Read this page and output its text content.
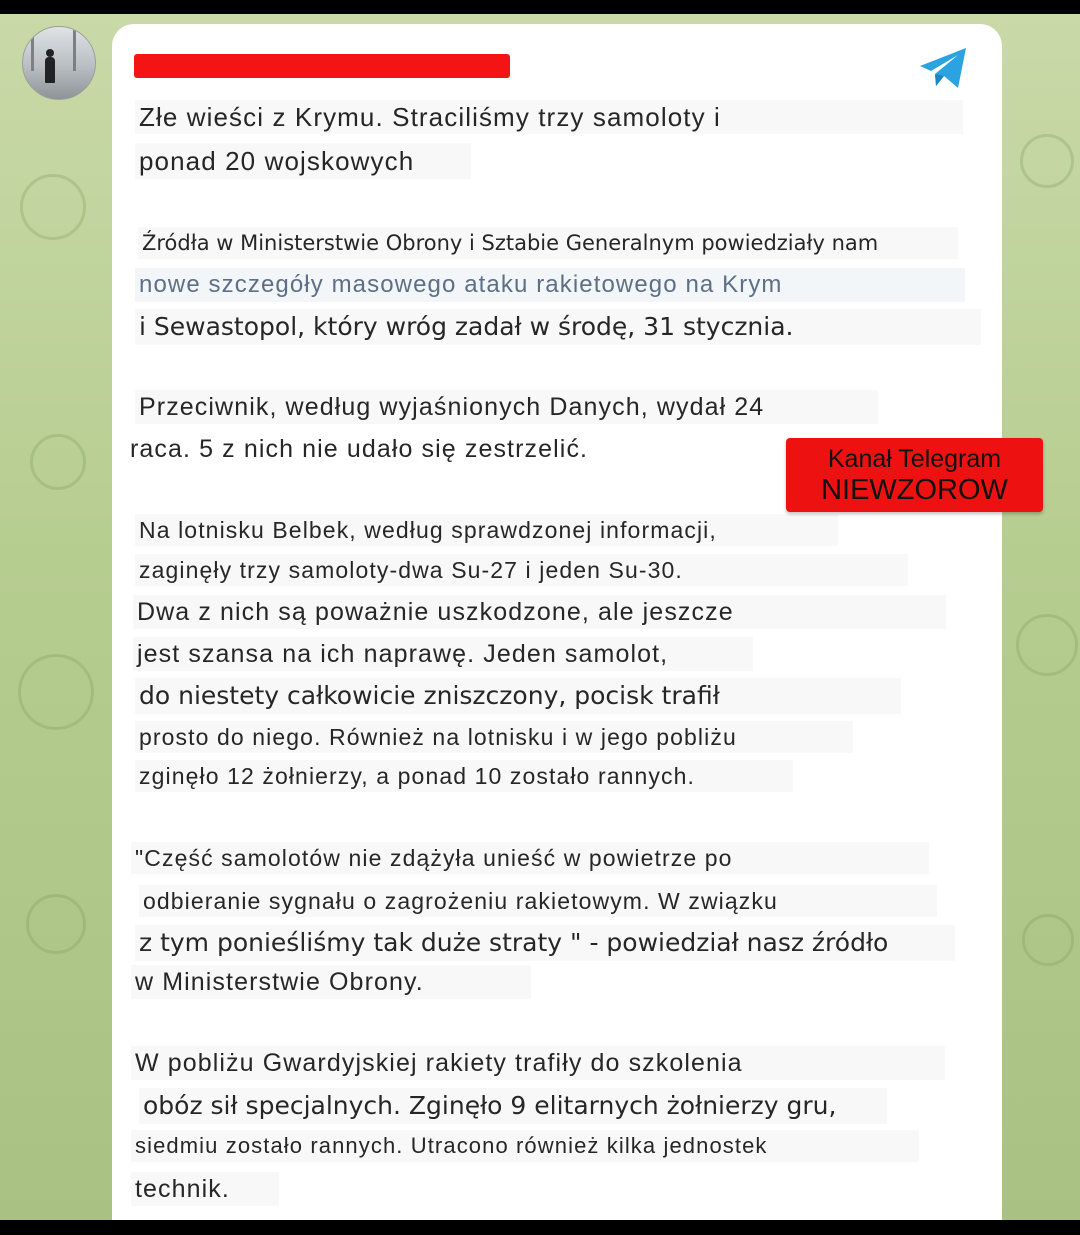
Złe wieści z Krymu. Straciliśmy trzy samoloty i
ponad 20 wojskowych
Źródła w Ministerstwie Obrony i Sztabie Generalnym powiedziały nam
nowe szczegóły masowego ataku rakietowego na Krym
i Sewastopol, który wróg zadał w środę, 31 stycznia.
Przeciwnik, według wyjaśnionych Danych, wydał 24
raca. 5 z nich nie udało się zestrzelić.
Na lotnisku Belbek, według sprawdzonej informacji,
zaginęły trzy samoloty-dwa Su-27 i jeden Su-30.
Dwa z nich są poważnie uszkodzone, ale jeszcze
jest szansa na ich naprawę. Jeden samolot,
do niestety całkowicie zniszczony, pocisk trafił
prosto do niego. Również na lotnisku i w jego pobliżu
zginęło 12 żołnierzy, a ponad 10 zostało rannych.
"Część samolotów nie zdążyła unieść w powietrze po
odbieranie sygnału o zagrożeniu rakietowym. W związku
z tym ponieśliśmy tak duże straty " - powiedział nasz źródło
w Ministerstwie Obrony.
W pobliżu Gwardyjskiej rakiety trafiły do szkolenia
obóz sił specjalnych. Zginęło 9 elitarnych żołnierzy gru,
siedmiu zostało rannych. Utracono również kilka jednostek
technik.
Kanał Telegram
NIEWZOROW
